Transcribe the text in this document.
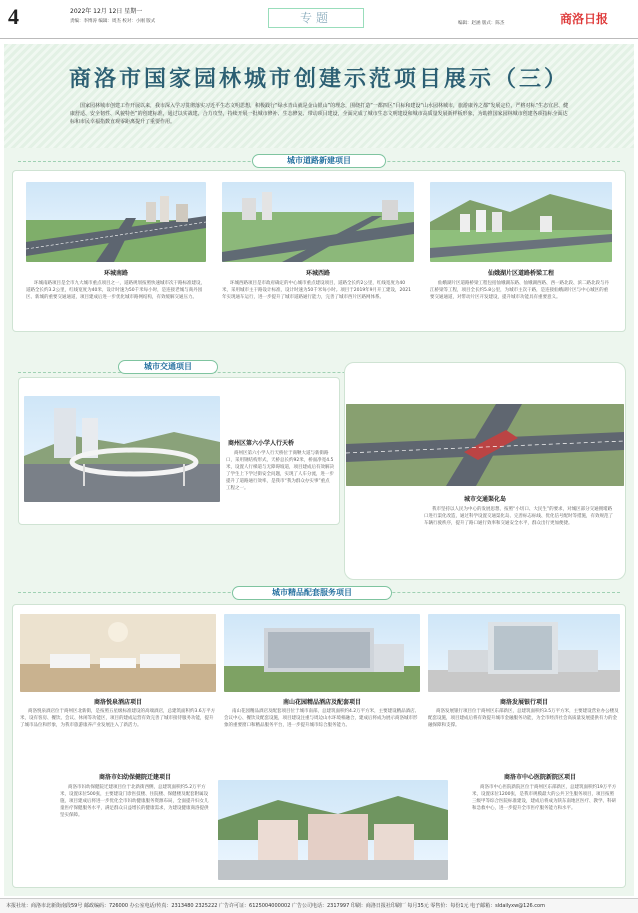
4	2022年 12月 12日 星期一
责编：李博涛 编辑：周杰 校对：小刚 版式	专题	编辑：赵涵 版式：陈杰	商洛日报
商洛市国家园林城市创建示范项目展示（三）
国家园林城市创建工作开展以来，我市深入学习贯彻落实习近平生态文明思想，积极践行“绿水青山就是金山银山”的理念，围绕打造“一都四区”目标和建设“山水园林城市，旅游康养之都”发展定位，严格对标“生态宜居、健康舒适、安全韧性、风貌特色”的创建标准，通过以实战建、合力攻坚，持续开展一批城市修补、生态修复、带动项目建设，全面完成了城市生态文明建设和城市高质量发展新样板形象，为助推国家园林城市创建各项指标全面达标和市民幸福指数直观零距离提升了重要作用。
城市道路新建项目
环城南路	环城西路	仙娥湖片区道路桥梁工程
环城南路项目是全市九大城市重点项目之一，道路规划按照快速城市次干路标准建设，道路全长约3.2公里，红线宽度为40米，设计时速为50千米每小时，是连接老城与商丹园区、新城的重要交通通道，项目建成后进一步优化城市路网结构，有效缓解交通压力。
环城西路项目是市政府确定的中心城市重点建设项目，道路全长约2公里，红线宽度为40米，采用城市主干路设计标准，设计时速为50千米每小时。项目于2019年9月开工建设，2021年实现通车运行，进一步提升了城市道路通行能力，完善了城市西片区路网体系。
仙娥湖片区道路桥梁工程包括仙娥湖东路、仙娥湖西路、西一路北段、滨二路北段与丹江桥梁等工程，项目全长约5.8公里，为城市主次干路，是连接仙娥湖片区与中心城区的重要交通通道，对带动片区开发建设，提升城市功能具有重要意义。
城市交通项目
商州区第六小学人行天桥
商州区第六小学人行天桥位于商鞅大道与新街路口，采用钢结构形式，天桥总长约92米，桥面净宽4.5米，设置人行梯道与无障碍坡道，项目建成后有效解决了学生上下学过街安全问题，实现了人车分流，进一步提升了道路通行效率，是我市“我为群众办实事”重点工程之一。
城市交通渠化岛
我市坚持以人民为中心的发展思想，按照“小切口、大民生”的要求，对城区部分交通拥堵路口进行渠化改造，通过科学设置交通渠化岛、完善标志标线、优化信号配时等措施，有效规范了车辆行驶秩序，提升了路口通行效率和交通安全水平，群众出行更加便捷。
城市精品配套服务项目
商洛悦泉酒店项目	南山花园精品酒店及配套项目	商洛发展银行项目
商洛悦泉酒店位于商州区北新街，是按照五星级标准建设的高端酒店，总建筑面积约3.6万平方米，设有客房、餐饮、会议、休闲等功能区，项目的建成运营有效完善了城市接待服务功能，提升了城市品位和形象，为我市旅游康养产业发展注入了新活力。
南山花园精品酒店及配套项目位于城市南部，总建筑面积约4.2万平方米，主要建设精品酒店、会议中心、餐饮及配套设施，项目建设注重与周边山水环境相融合，建成后将成为展示商洛城市形象的重要窗口和精品服务平台，进一步提升城市综合服务能力。
商洛发展银行项目位于商州区东部新区，总建筑面积约3.5万平方米，主要建设营业办公楼及配套设施，项目建成后将有效提升城市金融服务功能，为全市经济社会高质量发展提供有力的金融保障和支撑。
商洛市妇幼保健院迁建项目
商洛市妇幼保健院迁建项目位于北新街西侧，总建筑面积约5.2万平方米，设置床位500张，主要建设门诊医技楼、住院楼、保健楼及配套附属设施，项目建成后将进一步优化全市妇幼健康服务资源布局，全面提升妇女儿童医疗保健服务水平，满足群众日益增长的健康需求，为建设健康商洛提供坚实保障。
商洛市中心医院新院区项目
商洛市中心医院新院区位于商州区东部新区，总建筑面积约19万平方米，设置床位1200张，是我市规模最大的公共卫生服务项目，项目按照三级甲等综合医院标准建设，建成后将成为陕东南地区医疗、教学、科研和急救中心，进一步提升全市医疗服务能力和水平。
本报社址：商洛市北新街南段59号 邮政编码：726000 办公室电话/传真：2313480 2325222 广告许可证：6125004000002 广告公司电话：2317997 印刷：商洛日报社印刷厂 每月35元 零售价：每份1元 电子邮箱：sldailyxw@126.com
